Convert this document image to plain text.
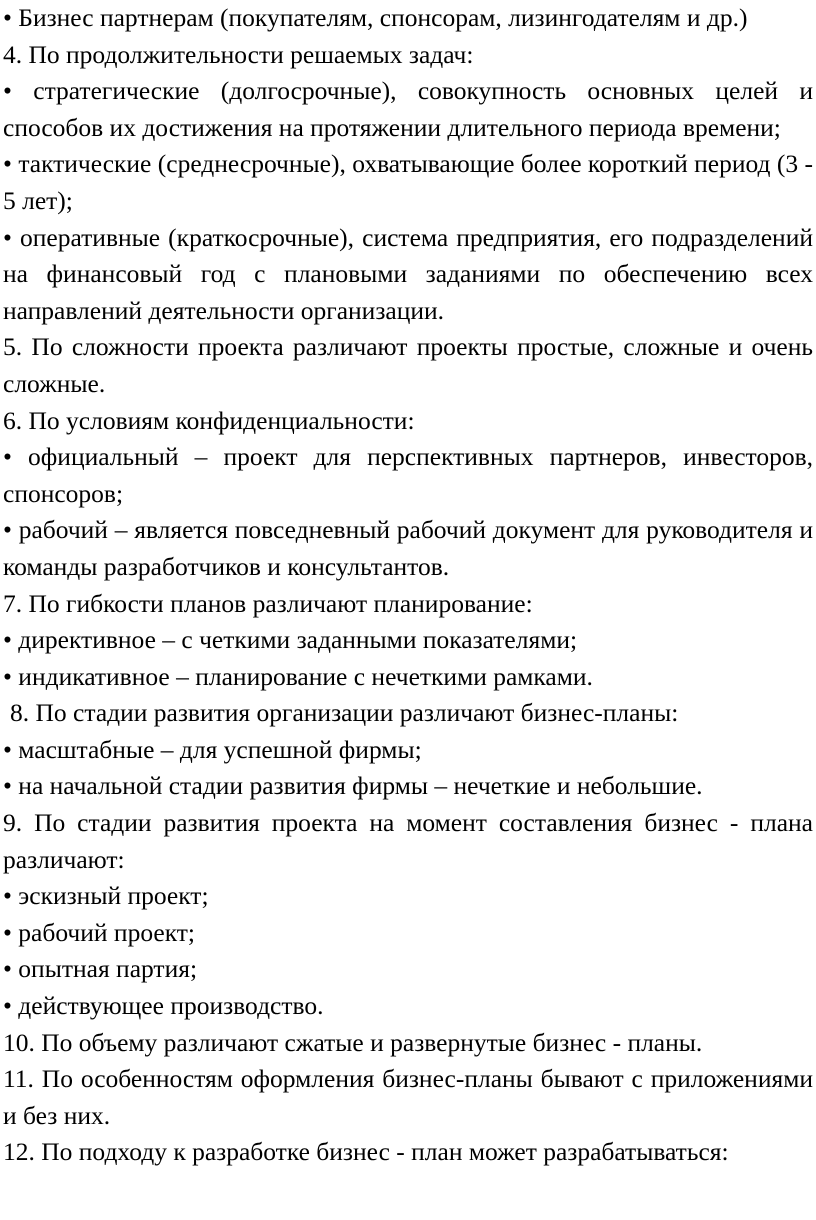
• Бизнес партнерам (покупателям, спонсорам, лизингодателям и др.)

4. По продолжительности решаемых задач:

• стратегические (долгосрочные), совокупность основных целей и способов их достижения на протяжении длительного периода времени;

• тактические (среднесрочные), охватывающие более короткий период (3 - 5 лет);

• оперативные (краткосрочные), система предприятия, его подразделений на финансовый год с плановыми заданиями по обеспечению всех направлений деятельности организации.

5. По сложности проекта различают проекты простые, сложные и очень сложные.

6. По условиям конфиденциальности:

• официальный – проект для перспективных партнеров, инвесторов, спонсоров;

• рабочий – является повседневный рабочий документ для руководителя и команды разработчиков и консультантов.

7. По гибкости планов различают планирование:

• директивное – с четкими заданными показателями;

• индикативное – планирование с нечеткими рамками.

8. По стадии развития организации различают бизнес-планы:

• масштабные – для успешной фирмы;

• на начальной стадии развития фирмы – нечеткие и небольшие.

9. По стадии развития проекта на момент составления бизнес - плана различают:

• эскизный проект;

• рабочий проект;

• опытная партия;

• действующее производство.

10. По объему различают сжатые и развернутые бизнес - планы.

11. По особенностям оформления бизнес-планы бывают с приложениями и без них.

12. По подходу к разработке бизнес - план может разрабатываться:
